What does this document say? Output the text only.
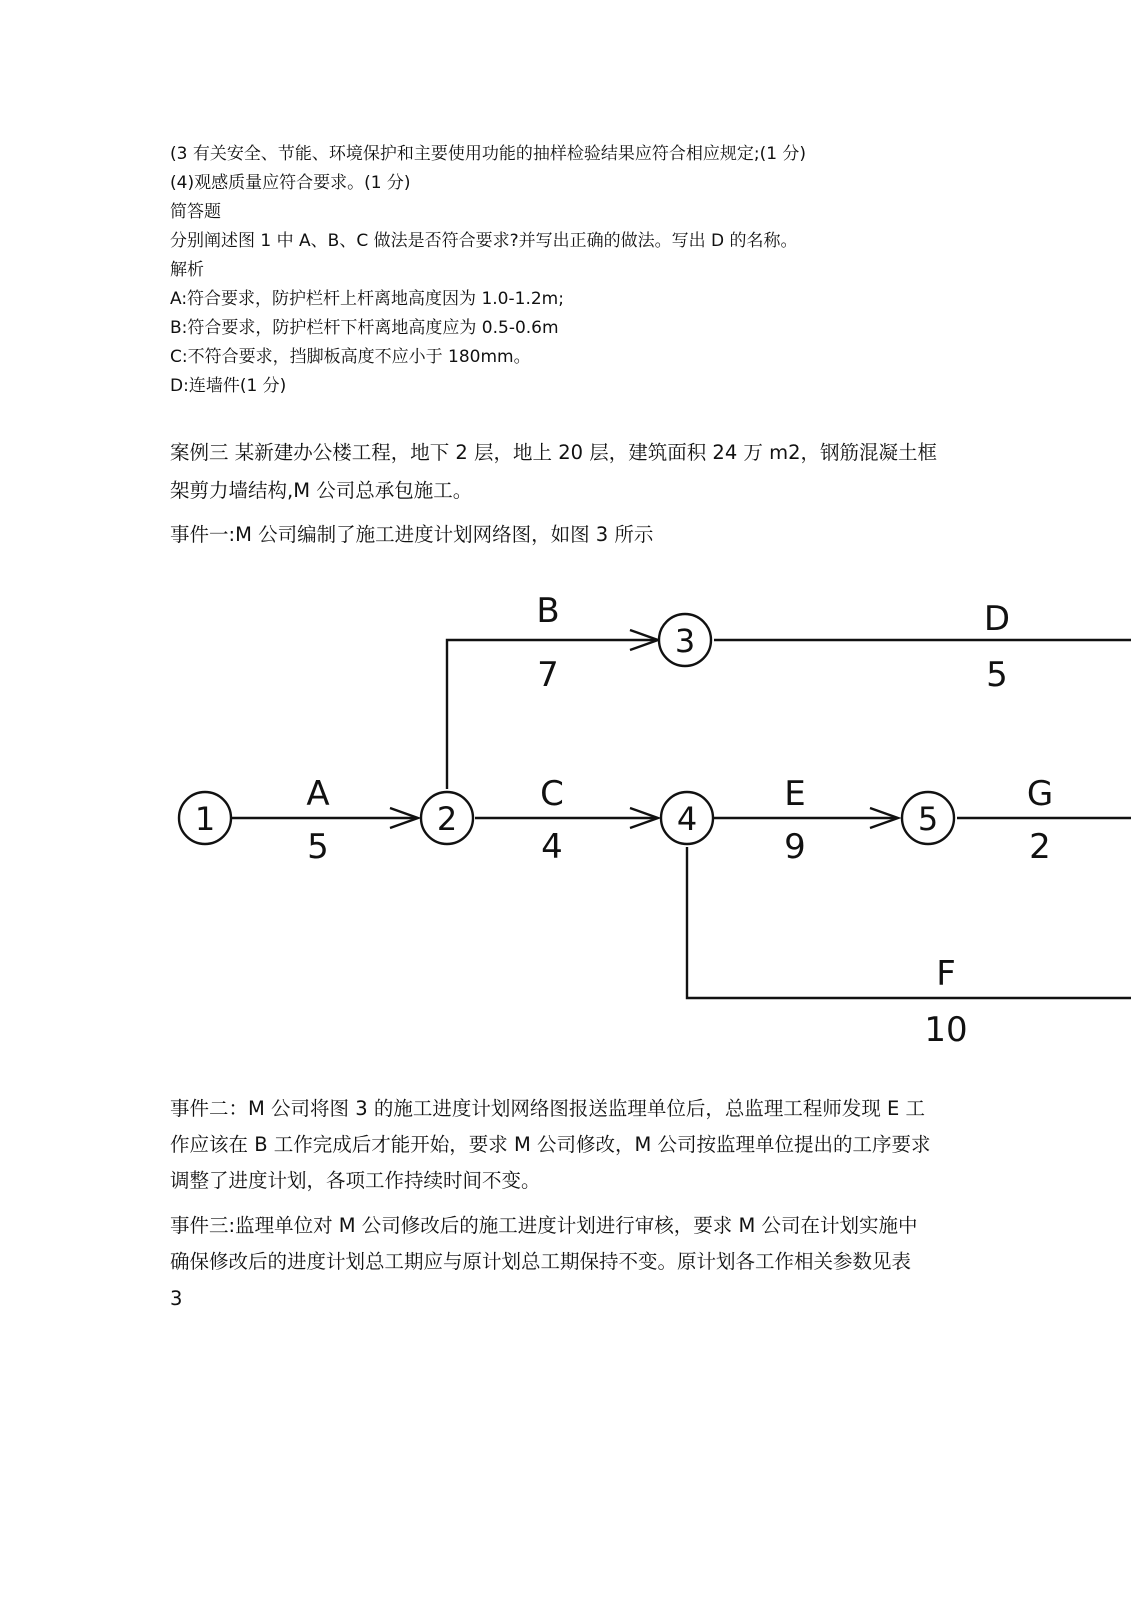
(3 有关安全、节能、环境保护和主要使用功能的抽样检验结果应符合相应规定;(1 分)
(4)观感质量应符合要求。(1 分)
简答题
分别阐述图 1 中 A、B、C 做法是否符合要求?并写出正确的做法。写出 D 的名称。
解析
A:符合要求，防护栏杆上杆离地高度因为 1.0-1.2m;
B:符合要求，防护栏杆下杆离地高度应为 0.5-0.6m
C:不符合要求，挡脚板高度不应小于 180mm。
D:连墙件(1 分)
案例三 某新建办公楼工程，地下 2 层，地上 20 层，建筑面积 24 万 m2，钢筋混凝土框
架剪力墙结构,M 公司总承包施工。
事件一:M 公司编制了施工进度计划网络图，如图 3 所示
1	2
3
4	5
A
5
B
7
C
4
D
5
E
9
G
2
F
10
事件二：M 公司将图 3 的施工进度计划网络图报送监理单位后，总监理工程师发现 E 工
作应该在 B 工作完成后才能开始，要求 M 公司修改，M 公司按监理单位提出的工序要求
调整了进度计划，各项工作持续时间不变。
事件三:监理单位对 M 公司修改后的施工进度计划进行审核，要求 M 公司在计划实施中
确保修改后的进度计划总工期应与原计划总工期保持不变。原计划各工作相关参数见表
3
